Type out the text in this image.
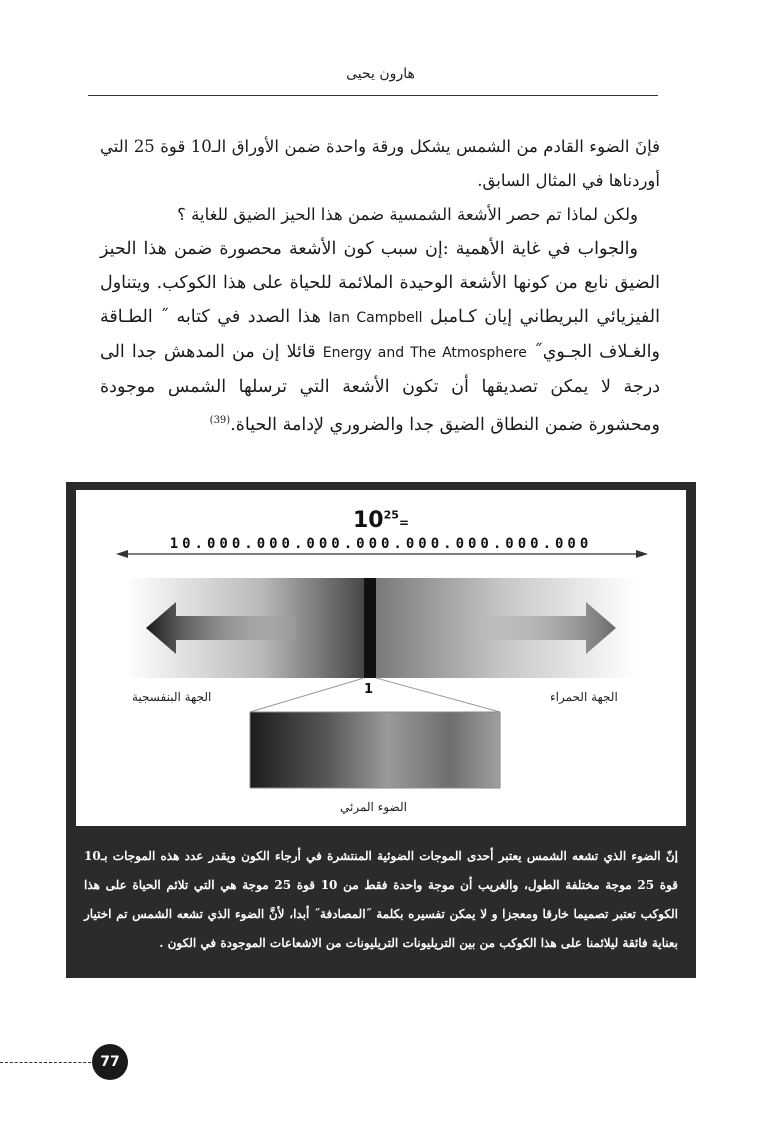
هارون يحيى

فإنَ الضوء القادم من الشمس يشكل ورقة واحدة ضمن الأوراق الـ10 قوة 25 التي أوردناها في المثال السابق.

ولكن لماذا تم حصر الأشعة الشمسية ضمن هذا الحيز الضيق للغاية ؟

والجواب في غاية الأهمية :إن سبب كون الأشعة محصورة ضمن هذا الحيز الضيق نابع من كونها الأشعة الوحيدة الملائمة للحياة على هذا الكوكب. ويتناول الفيزيائي البريطاني إيان كـامبل Ian Campbell هذا الصدد في كتابه ˝ الطـاقة والغـلاف الجـوي˝ Energy and The Atmosphere قائلا إن من المدهش جدا الى درجة لا يمكن تصديقها أن تكون الأشعة التي ترسلها الشمس موجودة ومحشورة ضمن النطاق الضيق جدا والضروري لإدامة الحياة.$^{(39)}$

$10^{25}=$
10.000.000.000.000.000.000.000.000
1	الجهة الحمراء
الجهة البنفسجية
الضوء المرئي
إنّ الضوء الذي تشعه الشمس يعتبر أحدى الموجات الضوئية المنتشرة في أرجاء الكون ويقدر عدد هذه الموجات بـ10 قوة 25 موجة مختلفة الطول، والغريب أن موجة واحدة فقط من 10 قوة 25 موجة هي التي تلائم الحياة على هذا الكوكب تعتبر تصميما خارقا ومعجزا و لا يمكن تفسيره بكلمة ˝المصادفة˝ أبدا، لأنَّ الضوء الذي تشعه الشمس تم اختيار بعناية فائقة ليلائمنا على هذا الكوكب من بين التريليونات التريليونات من الاشعاعات الموجودة في الكون .
77
